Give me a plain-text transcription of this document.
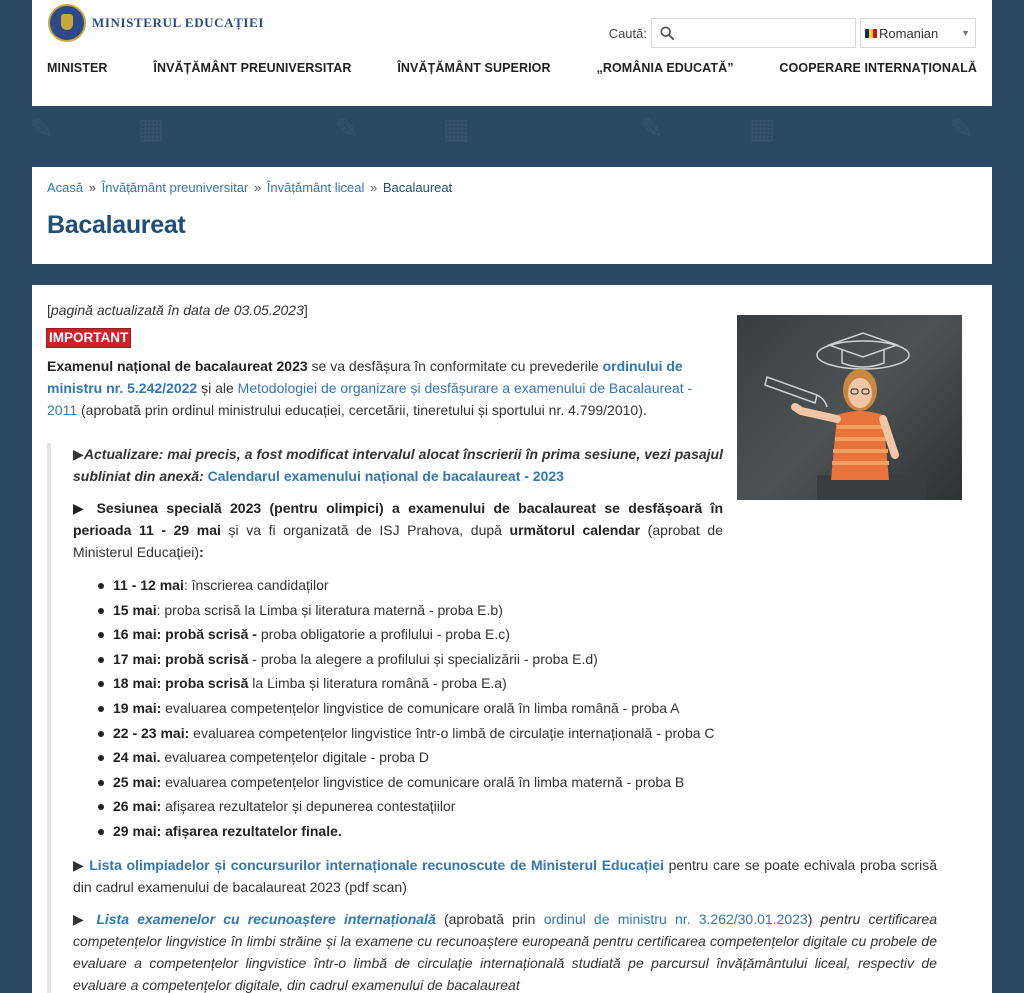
✎	▦	✎	▦	✎	▦	✎
MINISTERUL EDUCAȚIEI
Caută:	Romanian	▼
MINISTER	ÎNVĂȚĂMÂNT PREUNIVERSITAR	ÎNVĂȚĂMÂNT SUPERIOR	„ROMÂNIA EDUCATĂ”	COOPERARE INTERNAȚIONALĂ
Acasă » Învățământ preuniversitar » Învățământ liceal » Bacalaureat
Bacalaureat
[pagină actualizată în data de 03.05.2023]
IMPORTANT

Examenul național de bacalaureat 2023 se va desfășura în conformitate cu prevederile ordinului de ministru nr. 5.242/2022 și ale Metodologiei de organizare și desfășurare a examenului de Bacalaureat - 2011 (aprobată prin ordinul ministrului educației, cercetării, tineretului și sportului nr. 4.799/2010).

▶Actualizare: mai precis, a fost modificat intervalul alocat înscrierii în prima sesiune, vezi pasajul subliniat din anexă: Calendarul examenului național de bacalaureat - 2023

▶ Sesiunea specială 2023 (pentru olimpici) a examenului de bacalaureat se desfășoară în perioada 11 - 29 mai și va fi organizată de ISJ Prahova, după următorul calendar (aprobat de Ministerul Educației):

11 - 12 mai: înscrierea candidaților
15 mai: proba scrisă la Limba și literatura maternă - proba E.b)
16 mai: probă scrisă - proba obligatorie a profilului - proba E.c)
17 mai: probă scrisă - proba la alegere a profilului și specializării - proba E.d)
18 mai: proba scrisă la Limba și literatura română - proba E.a)
19 mai: evaluarea competențelor lingvistice de comunicare orală în limba română - proba A
22 - 23 mai: evaluarea competențelor lingvistice într-o limbă de circulație internațională - proba C
24 mai. evaluarea competențelor digitale - proba D
25 mai: evaluarea competențelor lingvistice de comunicare orală în limba maternă - proba B
26 mai: afișarea rezultatelor și depunerea contestațiilor
29 mai: afișarea rezultatelor finale.

▶ Lista olimpiadelor și concursurilor internaționale recunoscute de Ministerul Educației pentru care se poate echivala proba scrisă din cadrul examenului de bacalaureat 2023 (pdf scan)

▶ Lista examenelor cu recunoaștere internațională (aprobată prin ordinul de ministru nr. 3.262/30.01.2023) pentru certificarea competențelor lingvistice în limbi străine și la examene cu recunoaștere europeană pentru certificarea competențelor digitale cu probele de evaluare a competențelor lingvistice într-o limbă de circulație internațională studiată pe parcursul învățământului liceal, respectiv de evaluare a competențelor digitale, din cadrul examenului de bacalaureat
